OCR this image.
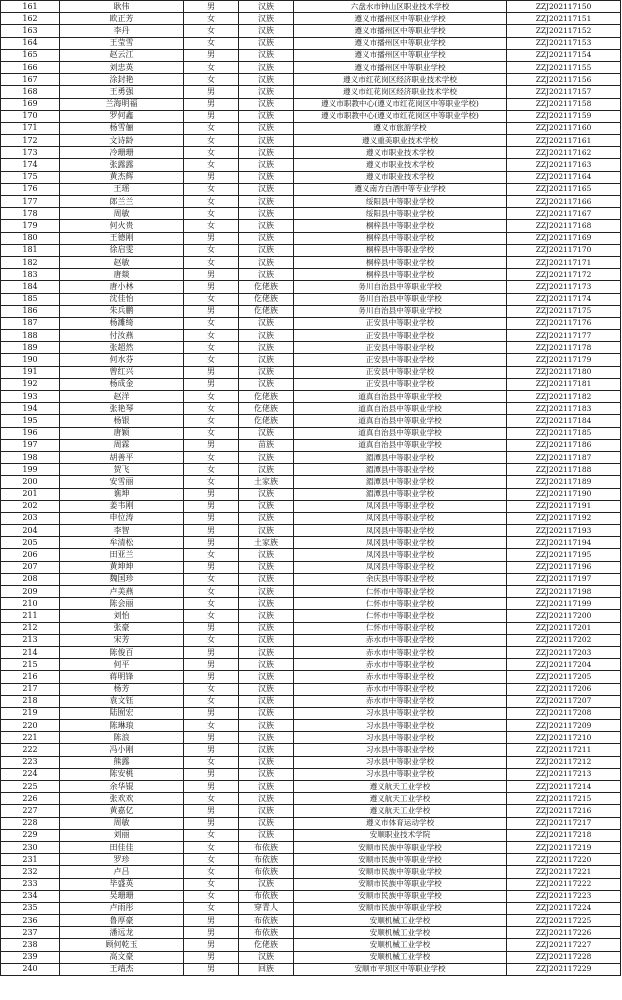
161	耿伟	男	汉族	六盘水市钟山区职业技术学校	ZZJ202117150
162	欧正芳	女	汉族	遵义市播州区中等职业学校	ZZJ202117151
163	李丹	女	汉族	遵义市播州区中等职业学校	ZZJ202117152
164	王莹雪	女	汉族	遵义市播州区中等职业学校	ZZJ202117153
165	赵云江	男	汉族	遵义市播州区中等职业学校	ZZJ202117154
166	刘忠英	女	汉族	遵义市播州区中等职业学校	ZZJ202117155
167	涂封艳	女	汉族	遵义市红花岗区经济职业技术学校	ZZJ202117156
168	王勇强	男	汉族	遵义市红花岗区经济职业技术学校	ZZJ202117157
169	兰海明福	男	汉族	遵义市职教中心(遵义市红花岗区中等职业学校)	ZZJ202117158
170	罗何鑫	男	汉族	遵义市职教中心(遵义市红花岗区中等职业学校)	ZZJ202117159
171	杨雪俪	女	汉族	遵义市旅游学校	ZZJ202117160
172	文诗龄	女	汉族	遵义重美职业技术学校	ZZJ202117161
173	冷珊珊	女	汉族	遵义市职业技术学校	ZZJ202117162
174	张露露	女	汉族	遵义市职业技术学校	ZZJ202117163
175	黄杰辉	男	汉族	遵义市职业技术学校	ZZJ202117164
176	王瑶	女	汉族	遵义南方白酒中等专业学校	ZZJ202117165
177	郎兰兰	女	汉族	绥阳县中等职业学校	ZZJ202117166
178	周敏	女	汉族	绥阳县中等职业学校	ZZJ202117167
179	何火贵	女	汉族	桐梓县中等职业学校	ZZJ202117168
180	王德刚	男	汉族	桐梓县中等职业学校	ZZJ202117169
181	徐启雯	女	汉族	桐梓县中等职业学校	ZZJ202117170
182	赵敏	女	汉族	桐梓县中等职业学校	ZZJ202117171
183	唐燚	男	汉族	桐梓县中等职业学校	ZZJ202117172
184	唐小林	男	仡佬族	务川自治县中等职业学校	ZZJ202117173
185	沈佳怡	女	仡佬族	务川自治县中等职业学校	ZZJ202117174
186	朱兵鹏	男	仡佬族	务川自治县中等职业学校	ZZJ202117175
187	杨濉绮	女	汉族	正安县中等职业学校	ZZJ202117176
188	付汝燕	女	汉族	正安县中等职业学校	ZZJ202117177
189	张超然	女	汉族	正安县中等职业学校	ZZJ202117178
190	何水芬	女	汉族	正安县中等职业学校	ZZJ202117179
191	曾红兴	男	汉族	正安县中等职业学校	ZZJ202117180
192	杨成金	男	汉族	正安县中等职业学校	ZZJ202117181
193	赵洋	女	仡佬族	道真自治县中等职业学校	ZZJ202117182
194	张艳琴	女	仡佬族	道真自治县中等职业学校	ZZJ202117183
195	杨银	女	仡佬族	道真自治县中等职业学校	ZZJ202117184
196	唐颖	女	汉族	道真自治县中等职业学校	ZZJ202117185
197	周霖	男	苗族	道真自治县中等职业学校	ZZJ202117186
198	胡善平	女	汉族	湄潭县中等职业学校	ZZJ202117187
199	贺飞	女	汉族	湄潭县中等职业学校	ZZJ202117188
200	安雪丽	女	土家族	湄潭县中等职业学校	ZZJ202117189
201	谯坤	男	汉族	湄潭县中等职业学校	ZZJ202117190
202	姜韦刚	男	汉族	凤冈县中等职业学校	ZZJ202117191
203	申位涛	男	汉族	凤冈县中等职业学校	ZZJ202117192
204	李智	男	汉族	凤冈县中等职业学校	ZZJ202117193
205	牟清松	男	土家族	凤冈县中等职业学校	ZZJ202117194
206	田亚兰	女	汉族	凤冈县中等职业学校	ZZJ202117195
207	黄坤坤	男	汉族	凤冈县中等职业学校	ZZJ202117196
208	魏国珍	女	汉族	余庆县中等职业学校	ZZJ202117197
209	卢美燕	女	汉族	仁怀市中等职业学校	ZZJ202117198
210	陈会丽	女	汉族	仁怀市中等职业学校	ZZJ202117199
211	刘怡	女	汉族	仁怀市中等职业学校	ZZJ202117200
212	张豪	男	汉族	仁怀市中等职业学校	ZZJ202117201
213	宋芳	女	汉族	赤水市中等职业学校	ZZJ202117202
214	陈俊百	男	汉族	赤水市中等职业学校	ZZJ202117203
215	何平	男	汉族	赤水市中等职业学校	ZZJ202117204
216	蒋明锋	男	汉族	赤水市中等职业学校	ZZJ202117205
217	杨芳	女	汉族	赤水市中等职业学校	ZZJ202117206
218	袁文钰	女	汉族	赤水市中等职业学校	ZZJ202117207
219	陆囿宏	男	汉族	习水县中等职业学校	ZZJ202117208
220	陈琳琅	女	汉族	习水县中等职业学校	ZZJ202117209
221	陈浪	男	汉族	习水县中等职业学校	ZZJ202117210
222	冯小刚	男	汉族	习水县中等职业学校	ZZJ202117211
223	熊露	女	汉族	习水县中等职业学校	ZZJ202117212
224	陈安桃	男	汉族	习水县中等职业学校	ZZJ202117213
225	余华锟	男	汉族	遵义航天工业学校	ZZJ202117214
226	张欢欢	女	汉族	遵义航天工业学校	ZZJ202117215
227	黄嘉亿	男	汉族	遵义航天工业学校	ZZJ202117216
228	周敏	男	汉族	遵义市体育运动学校	ZZJ202117217
229	刘丽	女	汉族	安顺职业技术学院	ZZJ202117218
230	田佳佳	女	布依族	安顺市民族中等职业学校	ZZJ202117219
231	罗珍	女	布依族	安顺市民族中等职业学校	ZZJ202117220
232	卢吕	女	布依族	安顺市民族中等职业学校	ZZJ202117221
233	毕盛英	女	汉族	安顺市民族中等职业学校	ZZJ202117222
234	吴珊珊	女	布依族	安顺市民族中等职业学校	ZZJ202117223
235	卢雨彤	女	穿青人	安顺市民族中等职业学校	ZZJ202117224
236	鲁厚豪	男	布依族	安顺机械工业学校	ZZJ202117225
237	潘远龙	男	布依族	安顺机械工业学校	ZZJ202117226
238	顾何乾玉	男	仡佬族	安顺机械工业学校	ZZJ202117227
239	高文豪	男	汉族	安顺机械工业学校	ZZJ202117228
240	王靖杰	男	回族	安顺市平坝区中等职业学校	ZZJ202117229
